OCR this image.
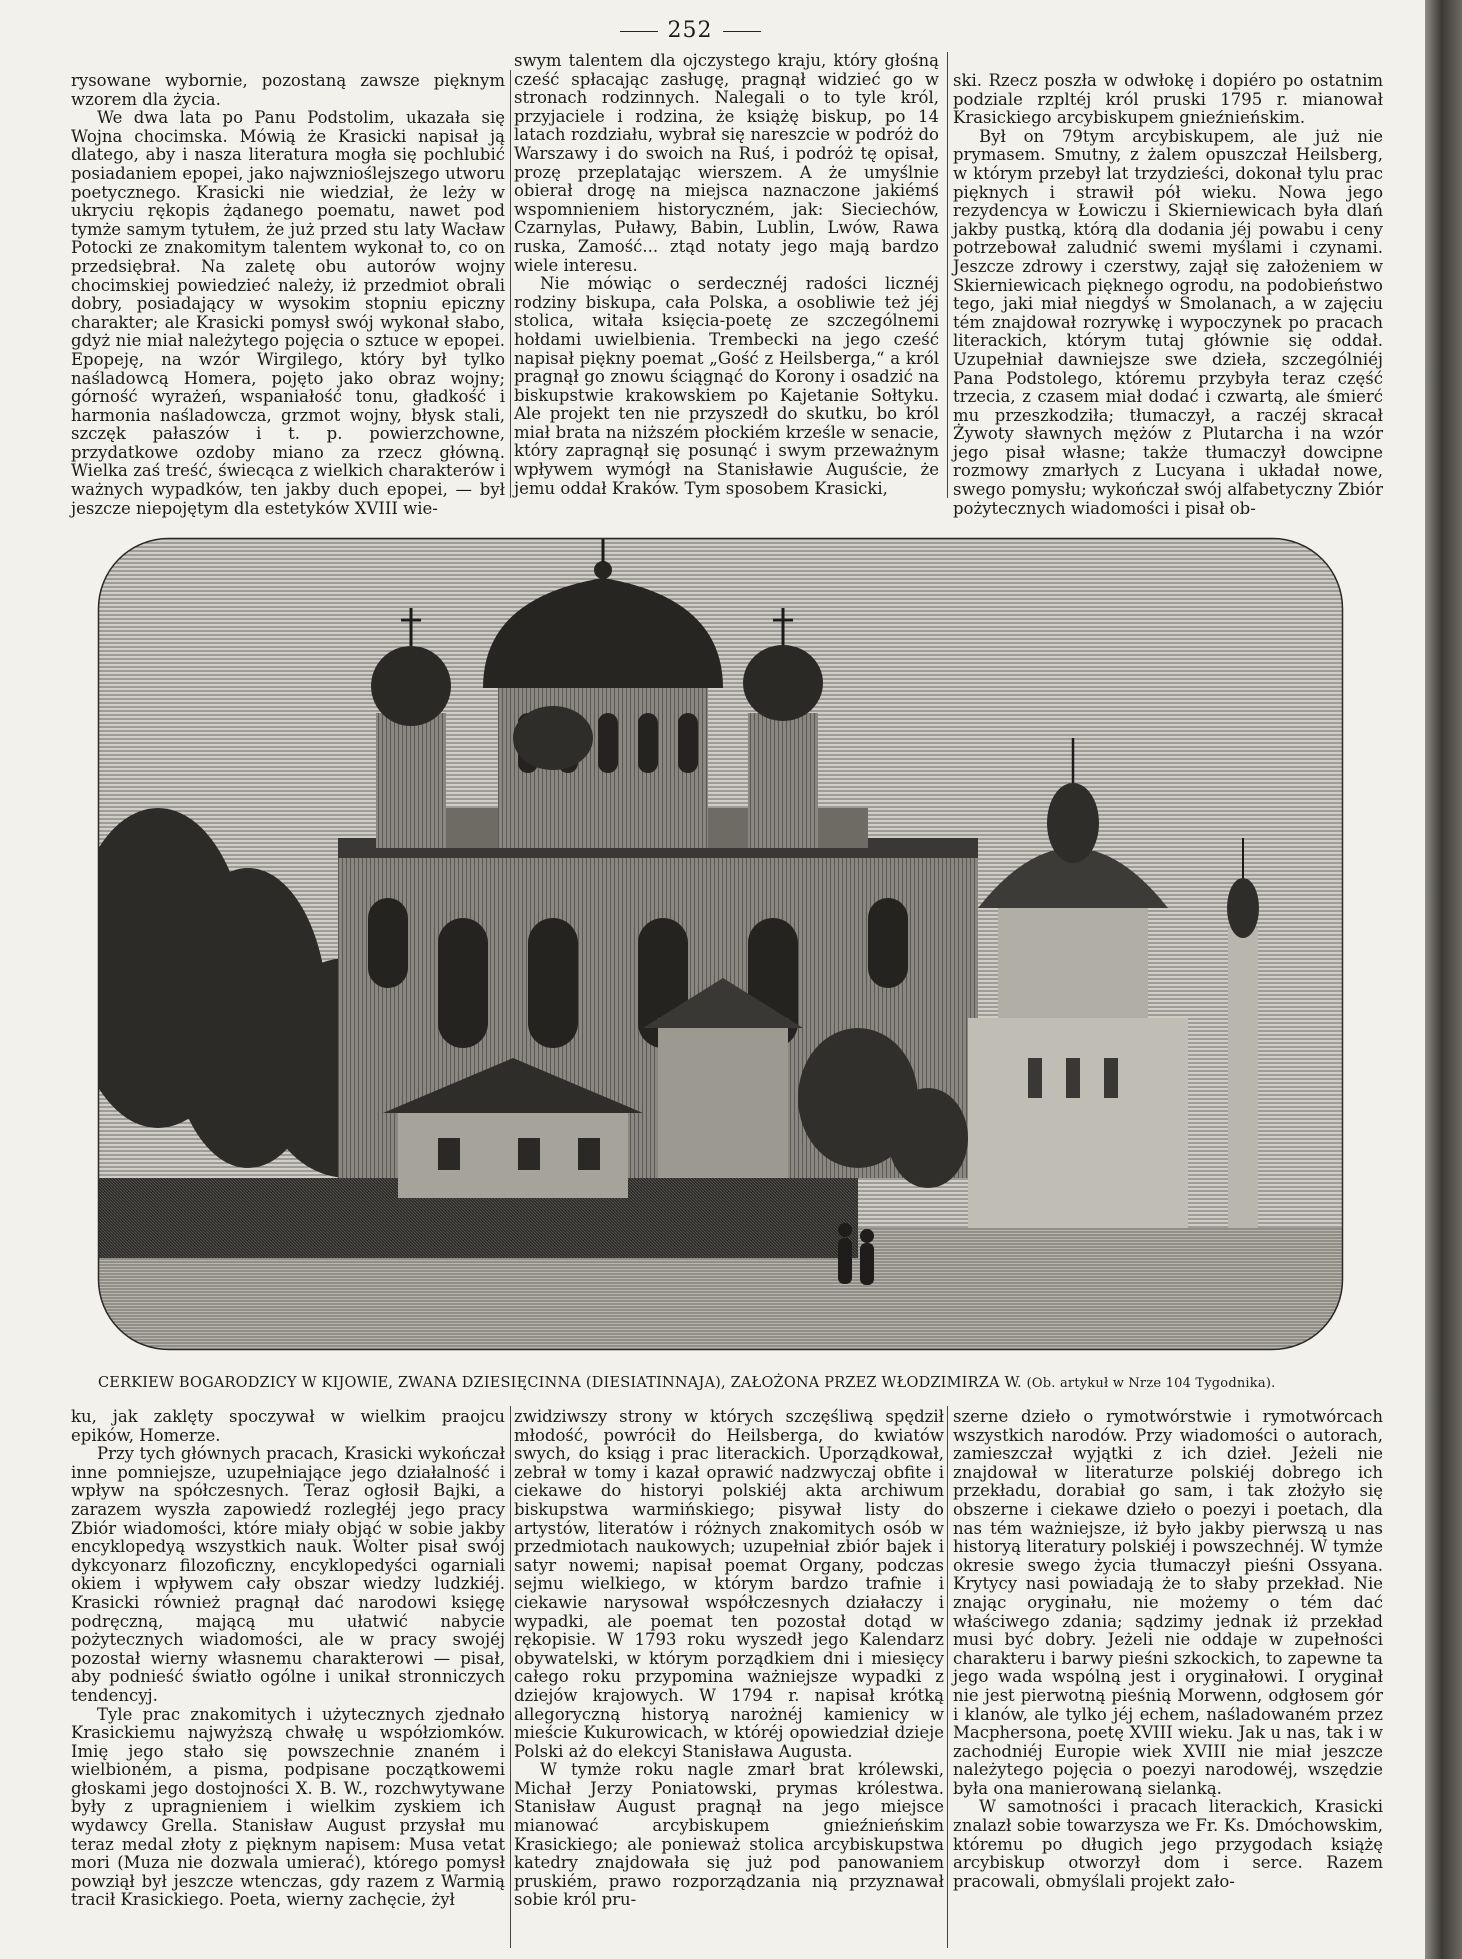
252

rysowane wybornie, pozostaną zawsze pięknym wzorem dla życia.

We dwa lata po Panu Podstolim, ukazała się Wojna chocimska. Mówią że Krasicki napisał ją dlatego, aby i nasza literatura mogła się pochlubić posiadaniem epopei, jako najwznioślejszego utworu poetycznego. Krasicki nie wiedział, że leży w ukryciu rękopis żądanego poematu, nawet pod tymże samym tytułem, że już przed stu laty Wacław Potocki ze znakomitym talentem wykonał to, co on przedsiębrał. Na zaletę obu autorów wojny chocimskiej powiedzieć należy, iż przedmiot obrali dobry, posiadający w wysokim stopniu epiczny charakter; ale Krasicki pomysł swój wykonał słabo, gdyż nie miał należytego pojęcia o sztuce w epopei. Epopeję, na wzór Wirgilego, który był tylko naśladowcą Homera, pojęto jako obraz wojny; górność wyrażeń, wspaniałość tonu, gładkość i harmonia naśladowcza, grzmot wojny, błysk stali, szczęk pałaszów i t. p. powierzchowne, przydatkowe ozdoby miano za rzecz główną. Wielka zaś treść, świecąca z wielkich charakterów i ważnych wypadków, ten jakby duch epopei, — był jeszcze niepojętym dla estetyków XVIII wie-

swym talentem dla ojczystego kraju, który głośną cześć spłacając zasługę, pragnął widzieć go w stronach rodzinnych. Nalegali o to tyle król, przyjaciele i rodzina, że książę biskup, po 14 latach rozdziału, wybrał się nareszcie w podróż do Warszawy i do swoich na Ruś, i podróż tę opisał, prozę przeplatając wierszem. A że umyślnie obierał drogę na miejsca naznaczone jakiémś wspomnieniem historyczném, jak: Sieciechów, Czarnylas, Puławy, Babin, Lublin, Lwów, Rawa ruska, Zamość... ztąd notaty jego mają bardzo wiele interesu.

Nie mówiąc o serdecznéj radości licznéj rodziny biskupa, cała Polska, a osobliwie też jéj stolica, witała księcia-poetę ze szczególnemi hołdami uwielbienia. Trembecki na jego cześć napisał piękny poemat „Gość z Heilsberga,“ a król pragnął go znowu ściągnąć do Korony i osadzić na biskupstwie krakowskiem po Kajetanie Sołtyku. Ale projekt ten nie przyszedł do skutku, bo król miał brata na niższém płockiém krześle w senacie, który zapragnął się posunąć i swym przeważnym wpływem wymógł na Stanisławie Auguście, że jemu oddał Kraków. Tym sposobem Krasicki,

ski. Rzecz poszła w odwłokę i dopiéro po ostatnim podziale rzpltéj król pruski 1795 r. mianował Krasickiego arcybiskupem gnieźnieńskim.

Był on 79tym arcybiskupem, ale już nie prymasem. Smutny, z żalem opuszczał Heilsberg, w którym przebył lat trzydzieści, dokonał tylu prac pięknych i strawił pół wieku. Nowa jego rezydencya w Łowiczu i Skierniewicach była dlań jakby pustką, którą dla dodania jéj powabu i ceny potrzebował zaludnić swemi myślami i czynami. Jeszcze zdrowy i czerstwy, zajął się założeniem w Skierniewicach pięknego ogrodu, na podobieństwo tego, jaki miał niegdyś w Smolanach, a w zajęciu tém znajdował rozrywkę i wypoczynek po pracach literackich, którym tutaj głównie się oddał. Uzupełniał dawniejsze swe dzieła, szczególniéj Pana Podstolego, któremu przybyła teraz część trzecia, z czasem miał dodać i czwartą, ale śmierć mu przeszkodziła; tłumaczył, a raczéj skracał Żywoty sławnych mężów z Plutarcha i na wzór jego pisał własne; także tłumaczył dowcipne rozmowy zmarłych z Lucyana i układał nowe, swego pomysłu; wykończał swój alfabetyczny Zbiór pożytecznych wiadomości i pisał ob-

CERKIEW BOGARODZICY W KIJOWIE, ZWANA DZIESIĘCINNA (DIESIATINNAJA), ZAŁOŻONA PRZEZ WŁODZIMIRZA W. (Ob. artykuł w Nrze 104 Tygodnika).

ku, jak zaklęty spoczywał w wielkim praojcu epików, Homerze.

Przy tych głównych pracach, Krasicki wykończał inne pomniejsze, uzupełniające jego działalność i wpływ na spółczesnych. Teraz ogłosił Bajki, a zarazem wyszła zapowiedź rozległéj jego pracy Zbiór wiadomości, które miały objąć w sobie jakby encyklopedyą wszystkich nauk. Wolter pisał swój dykcyonarz filozoficzny, encyklopedyści ogarniali okiem i wpływem cały obszar wiedzy ludzkiéj. Krasicki również pragnął dać narodowi księgę podręczną, mającą mu ułatwić nabycie pożytecznych wiadomości, ale w pracy swojéj pozostał wierny własnemu charakterowi — pisał, aby podnieść światło ogólne i unikał stronniczych tendencyj.

Tyle prac znakomitych i użytecznych zjednało Krasickiemu najwyższą chwałę u współziomków. Imię jego stało się powszechnie znaném i wielbioném, a pisma, podpisane początkowemi głoskami jego dostojności X. B. W., rozchwytywane były z upragnieniem i wielkim zyskiem ich wydawcy Grella. Stanisław August przysłał mu teraz medal złoty z pięknym napisem: Musa vetat mori (Muza nie dozwala umierać), którego pomysł powziął był jeszcze wtenczas, gdy razem z Warmią tracił Krasickiego. Poeta, wierny zachęcie, żył

zwidziwszy strony w których szczęśliwą spędził młodość, powrócił do Heilsberga, do kwiatów swych, do ksiąg i prac literackich. Uporządkował, zebrał w tomy i kazał oprawić nadzwyczaj obfite i ciekawe do historyi polskiéj akta archiwum biskupstwa warmińskiego; pisywał listy do artystów, literatów i różnych znakomitych osób w przedmiotach naukowych; uzupełniał zbiór bajek i satyr nowemi; napisał poemat Organy, podczas sejmu wielkiego, w którym bardzo trafnie i ciekawie narysował współczesnych działaczy i wypadki, ale poemat ten pozostał dotąd w rękopisie. W 1793 roku wyszedł jego Kalendarz obywatelski, w którym porządkiem dni i miesięcy całego roku przypomina ważniejsze wypadki z dziejów krajowych. W 1794 r. napisał krótką allegoryczną historyą narożnéj kamienicy w mieście Kukurowicach, w któréj opowiedział dzieje Polski aż do elekcyi Stanisława Augusta.

W tymże roku nagle zmarł brat królewski, Michał Jerzy Poniatowski, prymas królestwa. Stanisław August pragnął na jego miejsce mianować arcybiskupem gnieźnieńskim Krasickiego; ale ponieważ stolica arcybiskupstwa katedry znajdowała się już pod panowaniem pruskiém, prawo rozporządzania nią przyznawał sobie król pru-

szerne dzieło o rymotwórstwie i rymotwórcach wszystkich narodów. Przy wiadomości o autorach, zamieszczał wyjątki z ich dzieł. Jeżeli nie znajdował w literaturze polskiéj dobrego ich przekładu, dorabiał go sam, i tak złożyło się obszerne i ciekawe dzieło o poezyi i poetach, dla nas tém ważniejsze, iż było jakby pierwszą u nas historyą literatury polskiéj i powszechnéj. W tymże okresie swego życia tłumaczył pieśni Ossyana. Krytycy nasi powiadają że to słaby przekład. Nie znając oryginału, nie możemy o tém dać właściwego zdania; sądzimy jednak iż przekład musi być dobry. Jeżeli nie oddaje w zupełności charakteru i barwy pieśni szkockich, to zapewne ta jego wada wspólną jest i oryginałowi. I oryginał nie jest pierwotną pieśnią Morwenn, odgłosem gór i klanów, ale tylko jéj echem, naśladowaném przez Macphersona, poetę XVIII wieku. Jak u nas, tak i w zachodniéj Europie wiek XVIII nie miał jeszcze należytego pojęcia o poezyi narodowéj, wszędzie była ona manierowaną sielanką.

W samotności i pracach literackich, Krasicki znalazł sobie towarzysza we Fr. Ks. Dmóchowskim, któremu po długich jego przygodach książę arcybiskup otworzył dom i serce. Razem pracowali, obmyślali projekt zało-
